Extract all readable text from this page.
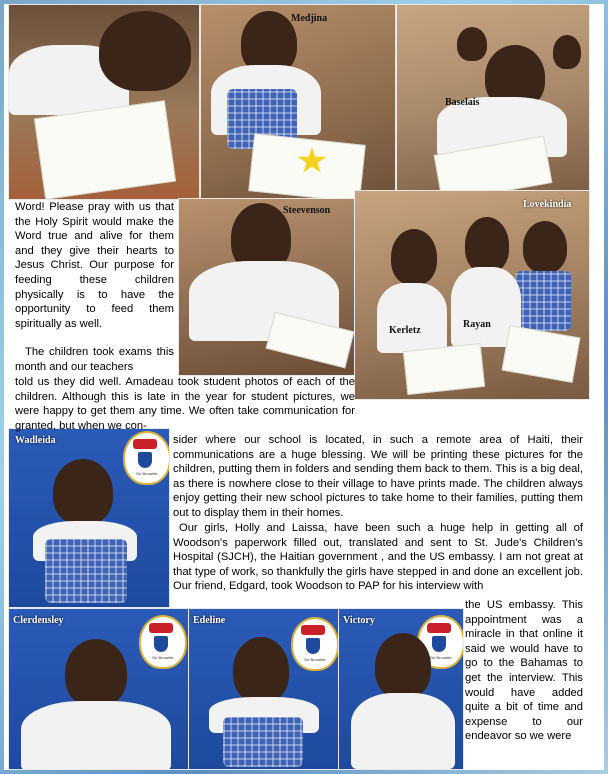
Medjina
Baselais
Steevenson
Lovekindia
Kerletz
Rayan
De Brouette
Wadleida
De Brouette
Clerdensley
De Brouette
Edeline
De Brouette
Victory

Word! Please pray with us that the Holy Spirit would make the Word true and alive for them and they give their hearts to Jesus Christ. Our purpose for feeding these children physically is to have the opportunity to feed them spiritually as well.

The children took exams this month and our teachers

told us they did well. Amadeau took student photos of each of the children. Although this is late in the year for student pictures, we were happy to get them any time. We often take communication for granted, but when we con-

sider where our school is located, in such a remote area of Haiti, their communications are a huge blessing. We will be printing these pictures for the children, putting them in folders and sending them back to them. This is a big deal, as there is nowhere close to their village to have prints made. The children always enjoy getting their new school pictures to take home to their families, putting them out to display them in their homes.

Our girls, Holly and Laissa, have been such a huge help in getting all of Woodson's paperwork filled out, translated and sent to St. Jude's Children's Hospital (SJCH), the Haitian government , and the US embassy. I am not great at that type of work, so thankfully the girls have stepped in and done an excellent job. Our friend, Edgard, took Woodson to PAP for his interview with

the US embassy. This appointment was a miracle in that online it said we would have to go to the Bahamas to get the interview. This would have added quite a bit of time and expense to our endeavor so we were
